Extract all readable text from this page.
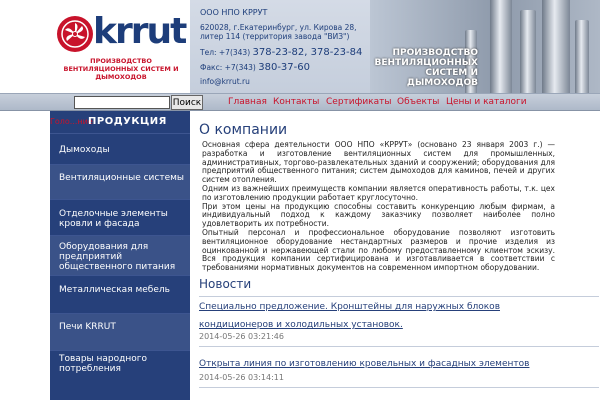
krrut
ПРОИЗВОДСТВО ВЕНТИЛЯЦИОННЫХ СИСТЕМ И ДЫМОХОДОВ
ООО НПО КРРУТ
620028, г.Екатеринбург, ул. Кирова 28, литер 114 (территория завода "ВИЗ")
Тел: +7(343) 378-23-82, 378-23-84
Факс: +7(343) 380-37-60
info@krrut.ru
ПРОИЗВОДСТВО ВЕНТИЛЯЦИОННЫХ СИСТЕМ И ДЫМОХОДОВ
Поиск	Главная Контакты Сертификаты Объекты Цены и каталоги
Голо...ние
ПРОДУКЦИЯ
Дымоходы
Вентиляционные системы
Отделочные элементы кровли и фасада
Оборудования для предприятий общественного питания
Металлическая мебель
Печи KRRUT
Товары народного потребления
О компании

Основная сфера деятельности ООО НПО «КРРУТ» (основано 23 января 2003 г.) — разработка и изготовление вентиляционных систем для промышленных, административных, торгово-развлекательных зданий и сооружений; оборудования для предприятий общественного питания; систем дымоходов для каминов, печей и других систем отопления.

Одним из важнейших преимуществ компании является оперативность работы, т.к. цех по изготовлению продукции работает круглосуточно.

При этом цены на продукцию способны составить конкуренцию любым фирмам, а индивидуальный подход к каждому заказчику позволяет наиболее полно удовлетворить их потребности.

Опытный персонал и профессиональное оборудование позволяют изготовить вентиляционное оборудование нестандартных размеров и прочие изделия из оцинкованной и нержавеющей стали по любому предоставленному клиентом эскизу. Вся продукция компании сертифицирована и изготавливается в соответствии с требованиями нормативных документов на современном импортном оборудовании.

Новости
Специально предложение. Кронштейны для наружных блоков кондиционеров и холодильных установок.
2014-05-26 03:21:46
Открыта линия по изготовлению кровельных и фасадных элементов
2014-05-26 03:14:11
